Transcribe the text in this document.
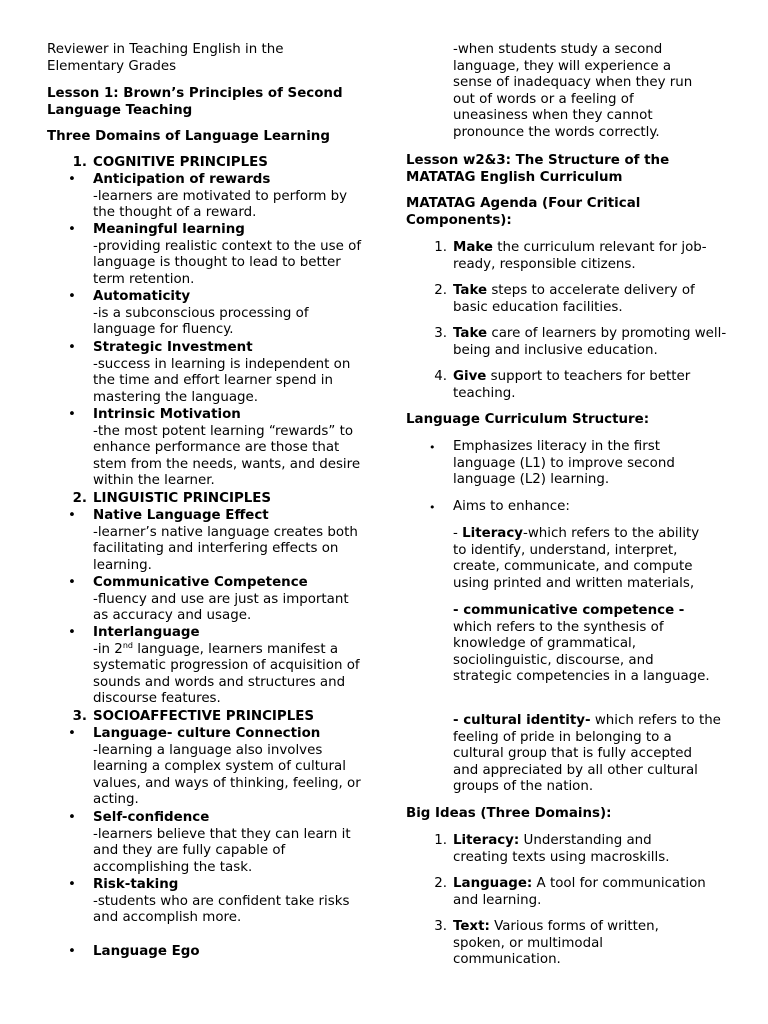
Reviewer in Teaching English in the Elementary Grades
Lesson 1: Brown’s Principles of Second Language Teaching
Three Domains of Language Learning
1. COGNITIVE PRINCIPLES
• Anticipation of rewards
-learners are motivated to perform by the thought of a reward.
• Meaningful learning
-providing realistic context to the use of language is thought to lead to better term retention.
• Automaticity
-is a subconscious processing of language for fluency.
• Strategic Investment
-success in learning is independent on the time and effort learner spend in mastering the language.
• Intrinsic Motivation
-the most potent learning “rewards” to enhance performance are those that stem from the needs, wants, and desire within the learner.
2. LINGUISTIC PRINCIPLES
• Native Language Effect
-learner’s native language creates both facilitating and interfering effects on learning.
• Communicative Competence
-fluency and use are just as important as accuracy and usage.
• Interlanguage
-in 2nd language, learners manifest a systematic progression of acquisition of sounds and words and structures and discourse features.
3. SOCIOAFFECTIVE PRINCIPLES
• Language- culture Connection
-learning a language also involves learning a complex system of cultural values, and ways of thinking, feeling, or acting.
• Self-confidence
-learners believe that they can learn it and they are fully capable of accomplishing the task.
• Risk-taking
-students who are confident take risks and accomplish more.
• Language Ego
-when students study a second language, they will experience a sense of inadequacy when they run out of words or a feeling of uneasiness when they cannot pronounce the words correctly.
Lesson w2&3: The Structure of the MATATAG English Curriculum
MATATAG Agenda (Four Critical Components):
1. Make the curriculum relevant for job-ready, responsible citizens.
2. Take steps to accelerate delivery of basic education facilities.
3. Take care of learners by promoting well-being and inclusive education.
4. Give support to teachers for better teaching.
Language Curriculum Structure:
• Emphasizes literacy in the first language (L1) to improve second language (L2) learning.
• Aims to enhance:
- Literacy-which refers to the ability to identify, understand, interpret, create, communicate, and compute using printed and written materials,
- communicative competence - which refers to the synthesis of knowledge of grammatical, sociolinguistic, discourse, and strategic competencies in a language.
- cultural identity- which refers to the feeling of pride in belonging to a cultural group that is fully accepted and appreciated by all other cultural groups of the nation.
Big Ideas (Three Domains):
1. Literacy: Understanding and creating texts using macroskills.
2. Language: A tool for communication and learning.
3. Text: Various forms of written, spoken, or multimodal communication.
